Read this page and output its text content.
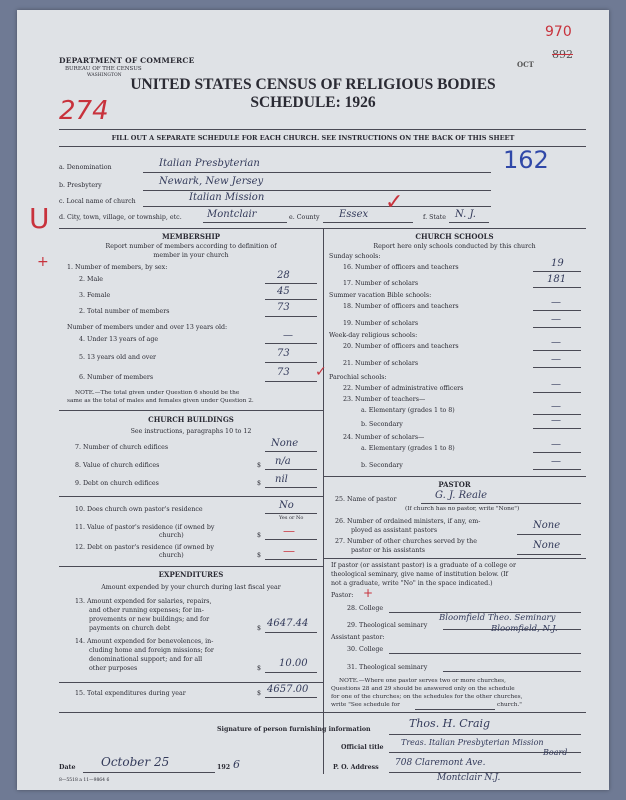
DEPARTMENT OF COMMERCE
BUREAU OF THE CENSUS
WASHINGTON
UNITED STATES CENSUS OF RELIGIOUS BODIES
SCHEDULE: 1926
FILL OUT A SEPARATE SCHEDULE FOR EACH CHURCH. SEE INSTRUCTIONS ON THE BACK OF THIS SHEET
OCT
970
892
274
U
+
162
a. Denomination	Italian Presbyterian
b. Presbytery	Newark, New Jersey
c. Local name of church	Italian Mission
d. City, town, village, or township, etc.	Montclair	e. County Essex ✓
f. State N. J.
MEMBERSHIP
Report number of members according to definition of
member in your church
1. Number of members, by sex:
2. Male	28
3. Female	45
2. Total number of members	73
Number of members under and over 13 years old:
4. Under 13 years of age	—
5. 13 years old and over	73
6. Number of members	73 ✓
NOTE.—The total given under Question 6 should be the
same as the total of males and females given under Question 2.
CHURCH BUILDINGS
See instructions, paragraphs 10 to 12
7. Number of church edifices	None
8. Value of church edifices	$ n/a
9. Debt on church edifices	$ nil
10. Does church own pastor's residence	No
Yes or No
11. Value of pastor's residence (if owned by
church)	$ —
12. Debt on pastor's residence (if owned by
church)	$ —
EXPENDITURES
Amount expended by your church during last fiscal year
13. Amount expended for salaries, repairs,
and other running expenses; for im-
provements or new buildings; and for
payments on church debt	$ 4647.44
14. Amount expended for benevolences, in-
cluding home and foreign missions; for
denominational support; and for all
other purposes	$ 10.00
15. Total expenditures during year	$ 4657.00
CHURCH SCHOOLS
Report here only schools conducted by this church
Sunday schools:
16. Number of officers and teachers	19
17. Number of scholars	181
Summer vacation Bible schools:
18. Number of officers and teachers	—
19. Number of scholars	—
Week-day religious schools:
20. Number of officers and teachers	—
21. Number of scholars	—
Parochial schools:
22. Number of administrative officers	—
23. Number of teachers—
a. Elementary (grades 1 to 8)	—
b. Secondary	—
24. Number of scholars—
a. Elementary (grades 1 to 8)	—
b. Secondary	—
PASTOR
25. Name of pastor	G. J. Reale
(If church has no pastor, write "None")
26. Number of ordained ministers, if any, em-
ployed as assistant pastors	None
27. Number of other churches served by the
pastor or his assistants	None
If pastor (or assistant pastor) is a graduate of a college or
theological seminary, give name of institution below. (If
not a graduate, write "No" in the space indicated.)
Pastor: +
28. College
29. Theological seminary
Bloomfield Theo. Seminary
Bloomfield, N.J.
Assistant pastor:
30. College
31. Theological seminary
NOTE.—Where one pastor serves two or more churches,
Questions 28 and 29 should be answered only on the schedule
for one of the churches; on the schedules for the other churches,
write "See schedule for	church."
Signature of person furnishing information	Thos. H. Craig
Official title
Treas. Italian Presbyterian Mission
Board
Date October 25	192 6	P. O. Address 708 Claremont Ave.
Montclair N.J.
8—5518 a 11—9864 6
